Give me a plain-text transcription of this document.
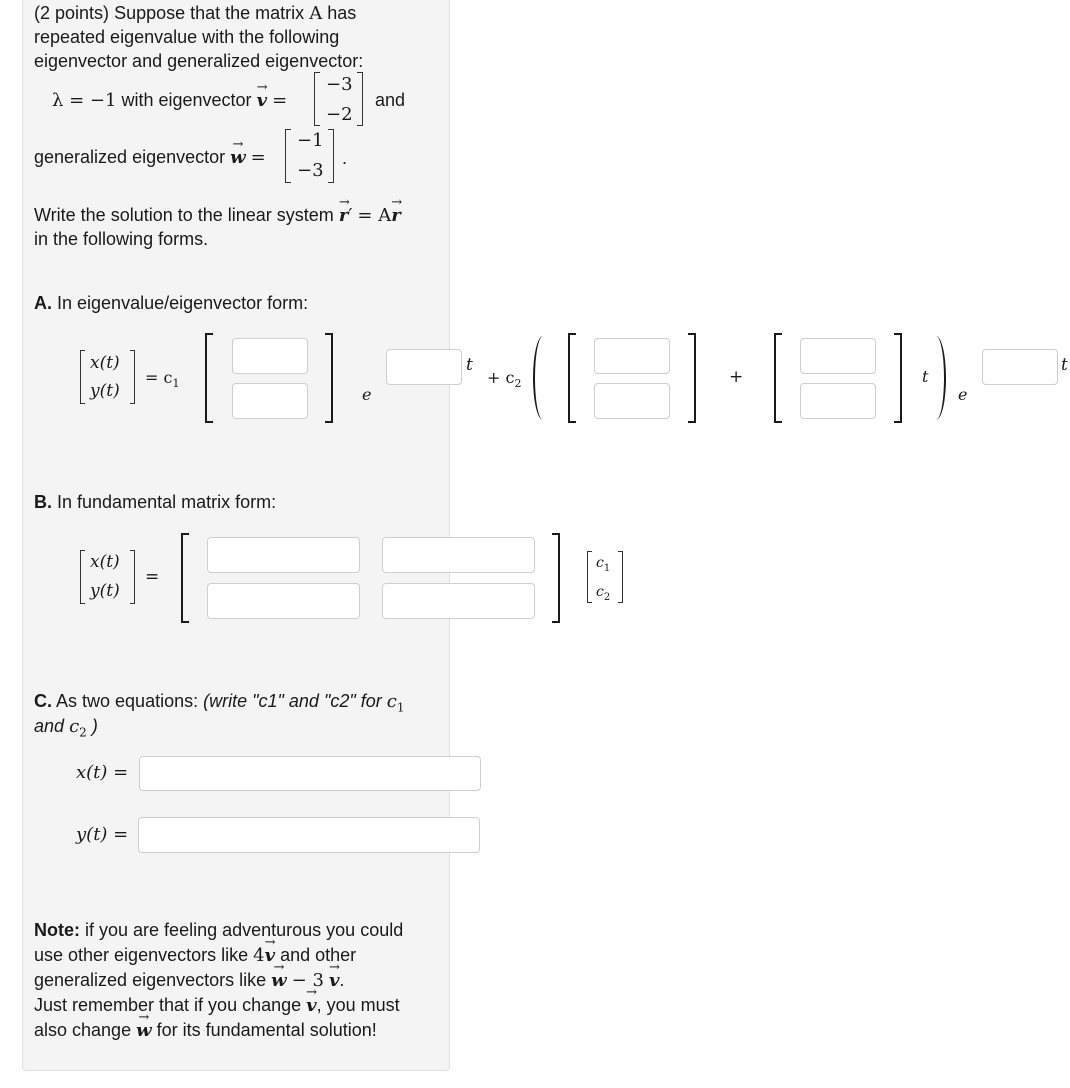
(2 points) Suppose that the matrix A has
repeated eigenvalue with the following
eigenvector and generalized eigenvector:
λ = −1 with eigenvector → v =
−3
−2
and
generalized eigenvector → w =
−1
−3
.
Write the solution to the linear system → r′ = A→ r
in the following forms.
A. In eigenvalue/eigenvector form:
x(t)
y(t)
= $c_1$
e
t
+ $c_2$	+	t
e
t
B. In fundamental matrix form:
x(t)
y(t)
=
$c_1$
$c_2$
C. As two equations: (write "c1" and "c2" for $c_1$
and $c_2$ )
x(t) =
y(t) =
Note: if you are feeling adventurous you could
use other eigenvectors like 4→ v and other
generalized eigenvectors like → w − 3 → v.
Just remember that if you change → v, you must
also change → w for its fundamental solution!
